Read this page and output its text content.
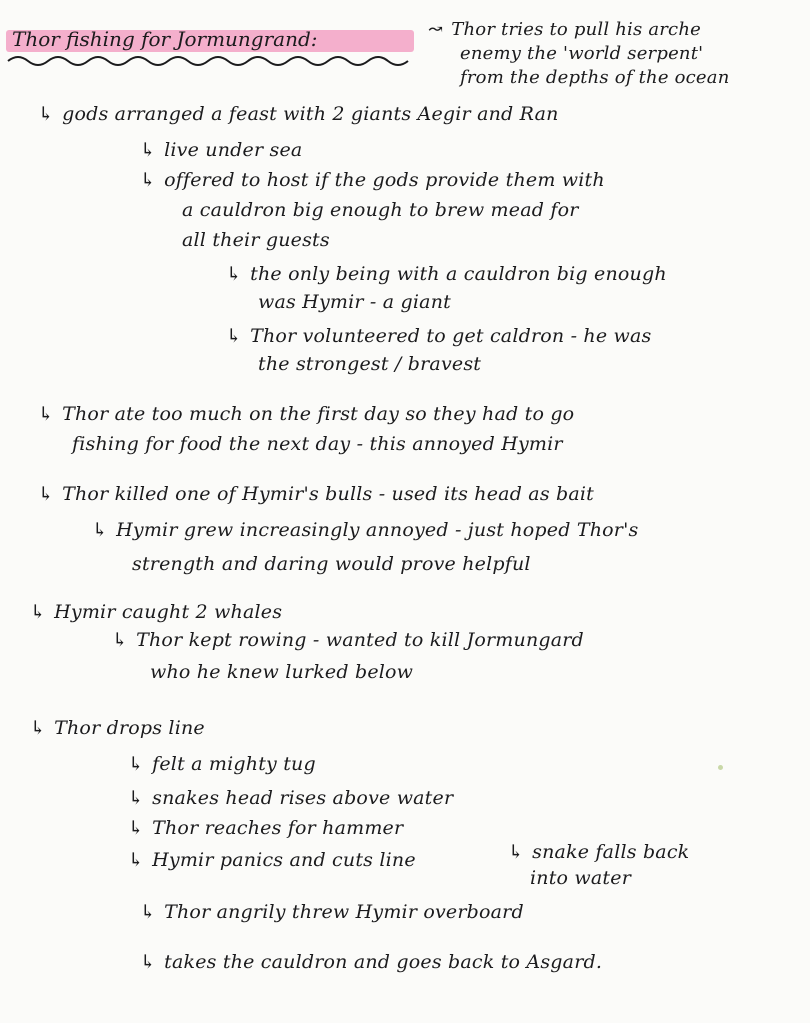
Thor fishing for Jormungrand:	↝ Thor tries to pull his arche
enemy the 'world serpent'
from the depths of the ocean
↳ gods arranged a feast with 2 giants Aegir and Ran
↳ live under sea
↳ offered to host if the gods provide them with
a cauldron big enough to brew mead for
all their guests
↳ the only being with a cauldron big enough
was Hymir - a giant
↳ Thor volunteered to get caldron - he was
the strongest / bravest
↳ Thor ate too much on the first day so they had to go
fishing for food the next day - this annoyed Hymir
↳ Thor killed one of Hymir's bulls - used its head as bait
↳ Hymir grew increasingly annoyed - just hoped Thor's
strength and daring would prove helpful
↳ Hymir caught 2 whales
↳ Thor kept rowing - wanted to kill Jormungard
who he knew lurked below
↳ Thor drops line
↳ felt a mighty tug
↳ snakes head rises above water
↳ Thor reaches for hammer
↳ Hymir panics and cuts line	↳ snake falls back
into water
↳ Thor angrily threw Hymir overboard
↳ takes the cauldron and goes back to Asgard.
